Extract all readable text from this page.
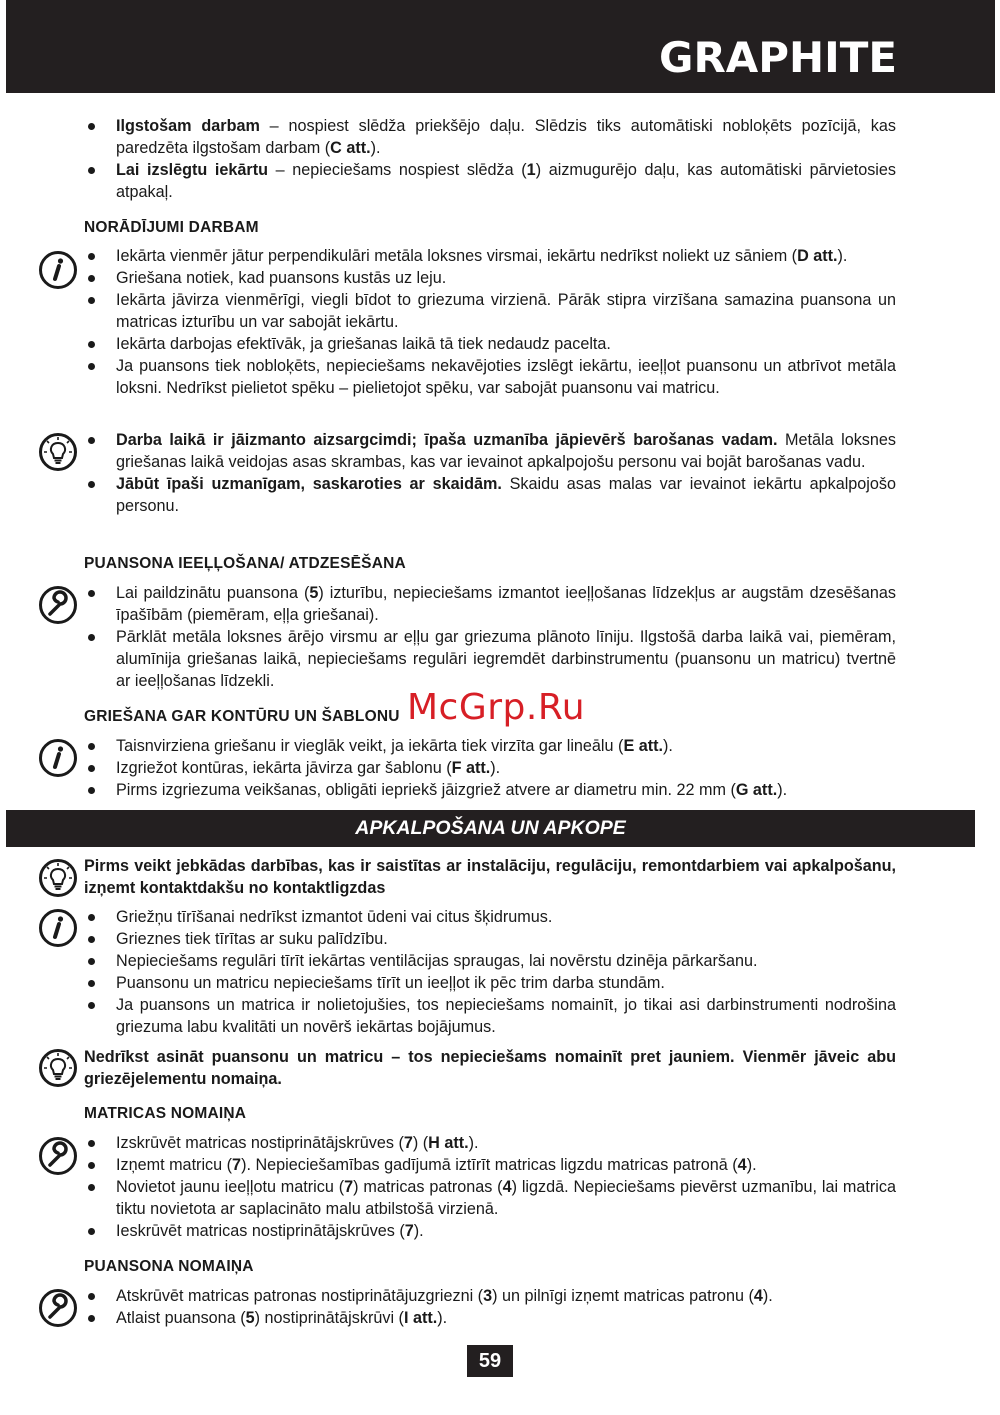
GRAPHITE
Ilgstošam darbam – nospiest slēdža priekšējo daļu. Slēdzis tiks automātiski nobloķēts pozīcijā, kas paredzēta ilgstošam darbam (C att.).
Lai izslēgtu iekārtu – nepieciešams nospiest slēdža (1) aizmugurējo daļu, kas automātiski pārvietosies atpakaļ.
NORĀDĪJUMI DARBAM
Iekārta vienmēr jātur perpendikulāri metāla loksnes virsmai, iekārtu nedrīkst noliekt uz sāniem (D att.).
Griešana notiek, kad puansons kustās uz leju.
Iekārta jāvirza vienmērīgi, viegli bīdot to griezuma virzienā. Pārāk stipra virzīšana samazina puansona un matricas izturību un var sabojāt iekārtu.
Iekārta darbojas efektīvāk, ja griešanas laikā tā tiek nedaudz pacelta.
Ja puansons tiek nobloķēts, nepieciešams nekavējoties izslēgt iekārtu, ieeļļot puansonu un atbrīvot metāla loksni. Nedrīkst pielietot spēku – pielietojot spēku, var sabojāt puansonu vai matricu.
Darba laikā ir jāizmanto aizsargcimdi; īpaša uzmanība jāpievērš barošanas vadam. Metāla loksnes griešanas laikā veidojas asas skrambas, kas var ievainot apkalpojošu personu vai bojāt barošanas vadu.
Jābūt īpaši uzmanīgam, saskaroties ar skaidām. Skaidu asas malas var ievainot iekārtu apkalpojošo personu.
PUANSONA IEEĻĻOŠANA/ ATDZESĒŠANA
Lai paildzinātu puansona (5) izturību, nepieciešams izmantot ieeļļošanas līdzekļus ar augstām dzesēšanas īpašībām (piemēram, eļļa griešanai).
Pārklāt metāla loksnes ārējo virsmu ar eļļu gar griezuma plānoto līniju. Ilgstošā darba laikā vai, piemēram, alumīnija griešanas laikā, nepieciešams regulāri iegremdēt darbinstrumentu (puansonu un matricu) tvertnē ar ieeļļošanas līdzekli.
GRIEŠANA GAR KONTŪRU UN ŠABLONU McGrp.Ru
Taisnvirziena griešanu ir vieglāk veikt, ja iekārta tiek virzīta gar lineālu (E att.).
Izgriežot kontūras, iekārta jāvirza gar šablonu (F att.).
Pirms izgriezuma veikšanas, obligāti iepriekš jāizgriež atvere ar diametru min. 22 mm (G att.).
APKALPOŠANA UN APKOPE
Pirms veikt jebkādas darbības, kas ir saistītas ar instalāciju, regulāciju, remontdarbiem vai apkalpošanu, izņemt kontaktdakšu no kontaktligzdas
Griežņu tīrīšanai nedrīkst izmantot ūdeni vai citus šķidrumus.
Grieznes tiek tīrītas ar suku palīdzību.
Nepieciešams regulāri tīrīt iekārtas ventilācijas spraugas, lai novērstu dzinēja pārkaršanu.
Puansonu un matricu nepieciešams tīrīt un ieeļļot ik pēc trim darba stundām.
Ja puansons un matrica ir nolietojušies, tos nepieciešams nomainīt, jo tikai asi darbinstrumenti nodrošina griezuma labu kvalitāti un novērš iekārtas bojājumus.
Nedrīkst asināt puansonu un matricu – tos nepieciešams nomainīt pret jauniem. Vienmēr jāveic abu griezējelementu nomaiņa.
MATRICAS NOMAIŅA
Izskrūvēt matricas nostiprinātājskrūves (7) (H att.).
Izņemt matricu (7). Nepieciešamības gadījumā iztīrīt matricas ligzdu matricas patronā (4).
Novietot jaunu ieeļļotu matricu (7) matricas patronas (4) ligzdā. Nepieciešams pievērst uzmanību, lai matrica tiktu novietota ar saplacināto malu atbilstošā virzienā.
Ieskrūvēt matricas nostiprinātājskrūves (7).
PUANSONA NOMAIŅA
Atskrūvēt matricas patronas nostiprinātājuzgriezni (3) un pilnīgi izņemt matricas patronu (4).
Atlaist puansona (5) nostiprinātājskrūvi (I att.).
59
